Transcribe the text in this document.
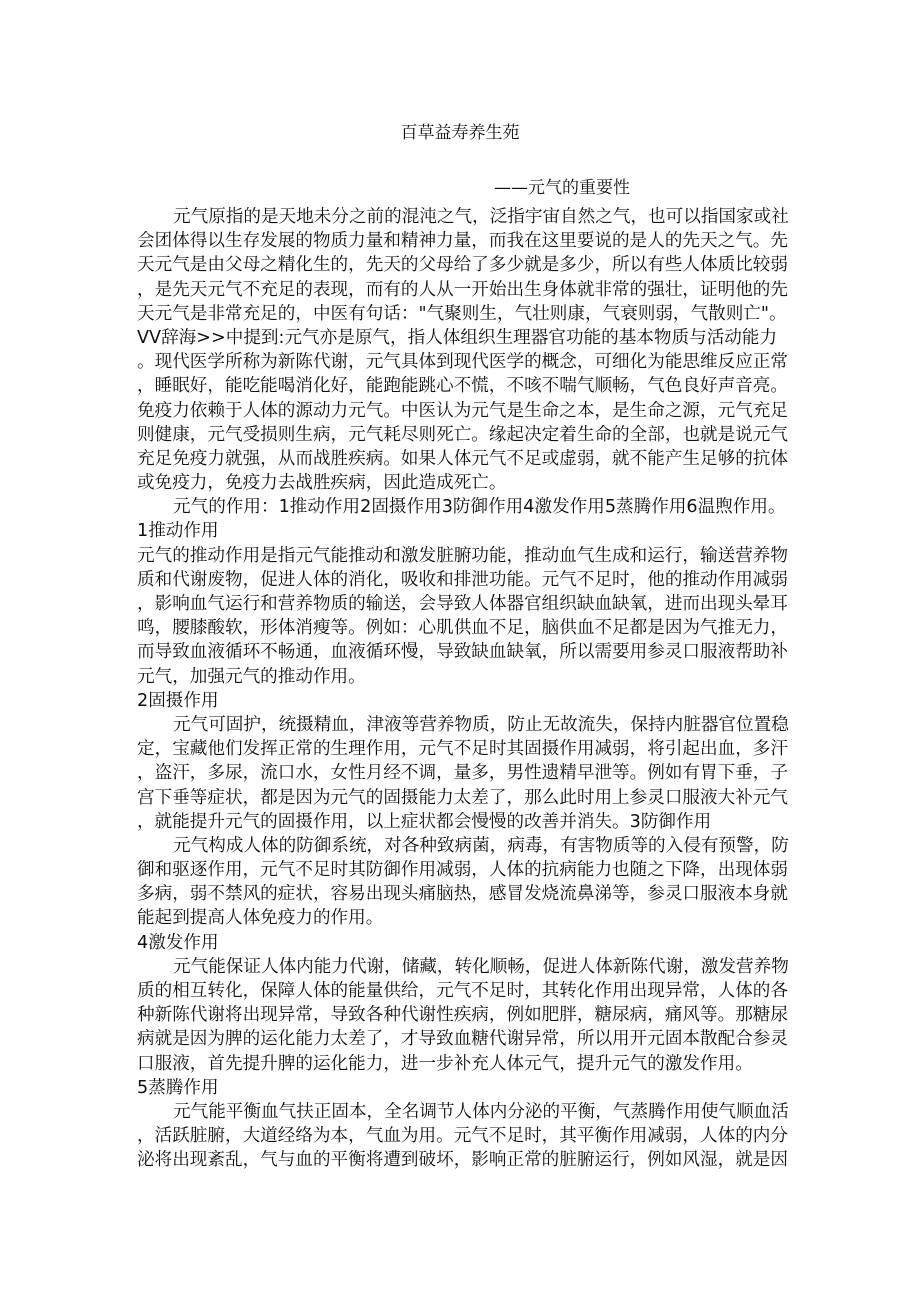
百草益寿养生苑
——元气的重要性
元气原指的是天地未分之前的混沌之气，泛指宇宙自然之气，也可以指国家或社
会团体得以生存发展的物质力量和精神力量，而我在这里要说的是人的先天之气。先
天元气是由父母之精化生的，先天的父母给了多少就是多少，所以有些人体质比较弱
，是先天元气不充足的表现，而有的人从一开始出生身体就非常的强壮，证明他的先
天元气是非常充足的，中医有句话："气聚则生，气壮则康，气衰则弱，气散则亡"。
VV辞海>>中提到:元气亦是原气，指人体组织生理器官功能的基本物质与活动能力
。现代医学所称为新陈代谢，元气具体到现代医学的概念，可细化为能思维反应正常
，睡眠好，能吃能喝消化好，能跑能跳心不慌，不咳不喘气顺畅，气色良好声音亮。
免疫力依赖于人体的源动力元气。中医认为元气是生命之本，是生命之源，元气充足
则健康，元气受损则生病，元气耗尽则死亡。缘起决定着生命的全部，也就是说元气
充足免疫力就强，从而战胜疾病。如果人体元气不足或虚弱，就不能产生足够的抗体
或免疫力，免疫力去战胜疾病，因此造成死亡。
元气的作用：1推动作用2固摄作用3防御作用4激发作用5蒸腾作用6温煦作用。
1推动作用
元气的推动作用是指元气能推动和激发脏腑功能，推动血气生成和运行，输送营养物
质和代谢废物，促进人体的消化，吸收和排泄功能。元气不足时，他的推动作用减弱
，影响血气运行和营养物质的输送，会导致人体器官组织缺血缺氧，进而出现头晕耳
鸣，腰膝酸软，形体消瘦等。例如：心肌供血不足，脑供血不足都是因为气推无力，
而导致血液循环不畅通，血液循环慢，导致缺血缺氧，所以需要用参灵口服液帮助补
元气，加强元气的推动作用。
2固摄作用
元气可固护，统摄精血，津液等营养物质，防止无故流失，保持内脏器官位置稳
定，宝藏他们发挥正常的生理作用，元气不足时其固摄作用减弱，将引起出血，多汗
，盗汗，多尿，流口水，女性月经不调，量多，男性遗精早泄等。例如有胃下垂，子
宫下垂等症状，都是因为元气的固摄能力太差了，那么此时用上参灵口服液大补元气
，就能提升元气的固摄作用，以上症状都会慢慢的改善并消失。3防御作用
元气构成人体的防御系统，对各种致病菌，病毒，有害物质等的入侵有预警，防
御和驱逐作用，元气不足时其防御作用减弱，人体的抗病能力也随之下降，出现体弱
多病，弱不禁风的症状，容易出现头痛脑热，感冒发烧流鼻涕等，参灵口服液本身就
能起到提高人体免疫力的作用。
4激发作用
元气能保证人体内能力代谢，储藏，转化顺畅，促进人体新陈代谢，激发营养物
质的相互转化，保障人体的能量供给，元气不足时，其转化作用出现异常，人体的各
种新陈代谢将出现异常，导致各种代谢性疾病，例如肥胖，糖尿病，痛风等。那糖尿
病就是因为脾的运化能力太差了，才导致血糖代谢异常，所以用开元固本散配合参灵
口服液，首先提升脾的运化能力，进一步补充人体元气，提升元气的激发作用。
5蒸腾作用
元气能平衡血气扶正固本，全名调节人体内分泌的平衡，气蒸腾作用使气顺血活
，活跃脏腑，大道经络为本，气血为用。元气不足时，其平衡作用减弱，人体的内分
泌将出现紊乱，气与血的平衡将遭到破坏，影响正常的脏腑运行，例如风湿，就是因
